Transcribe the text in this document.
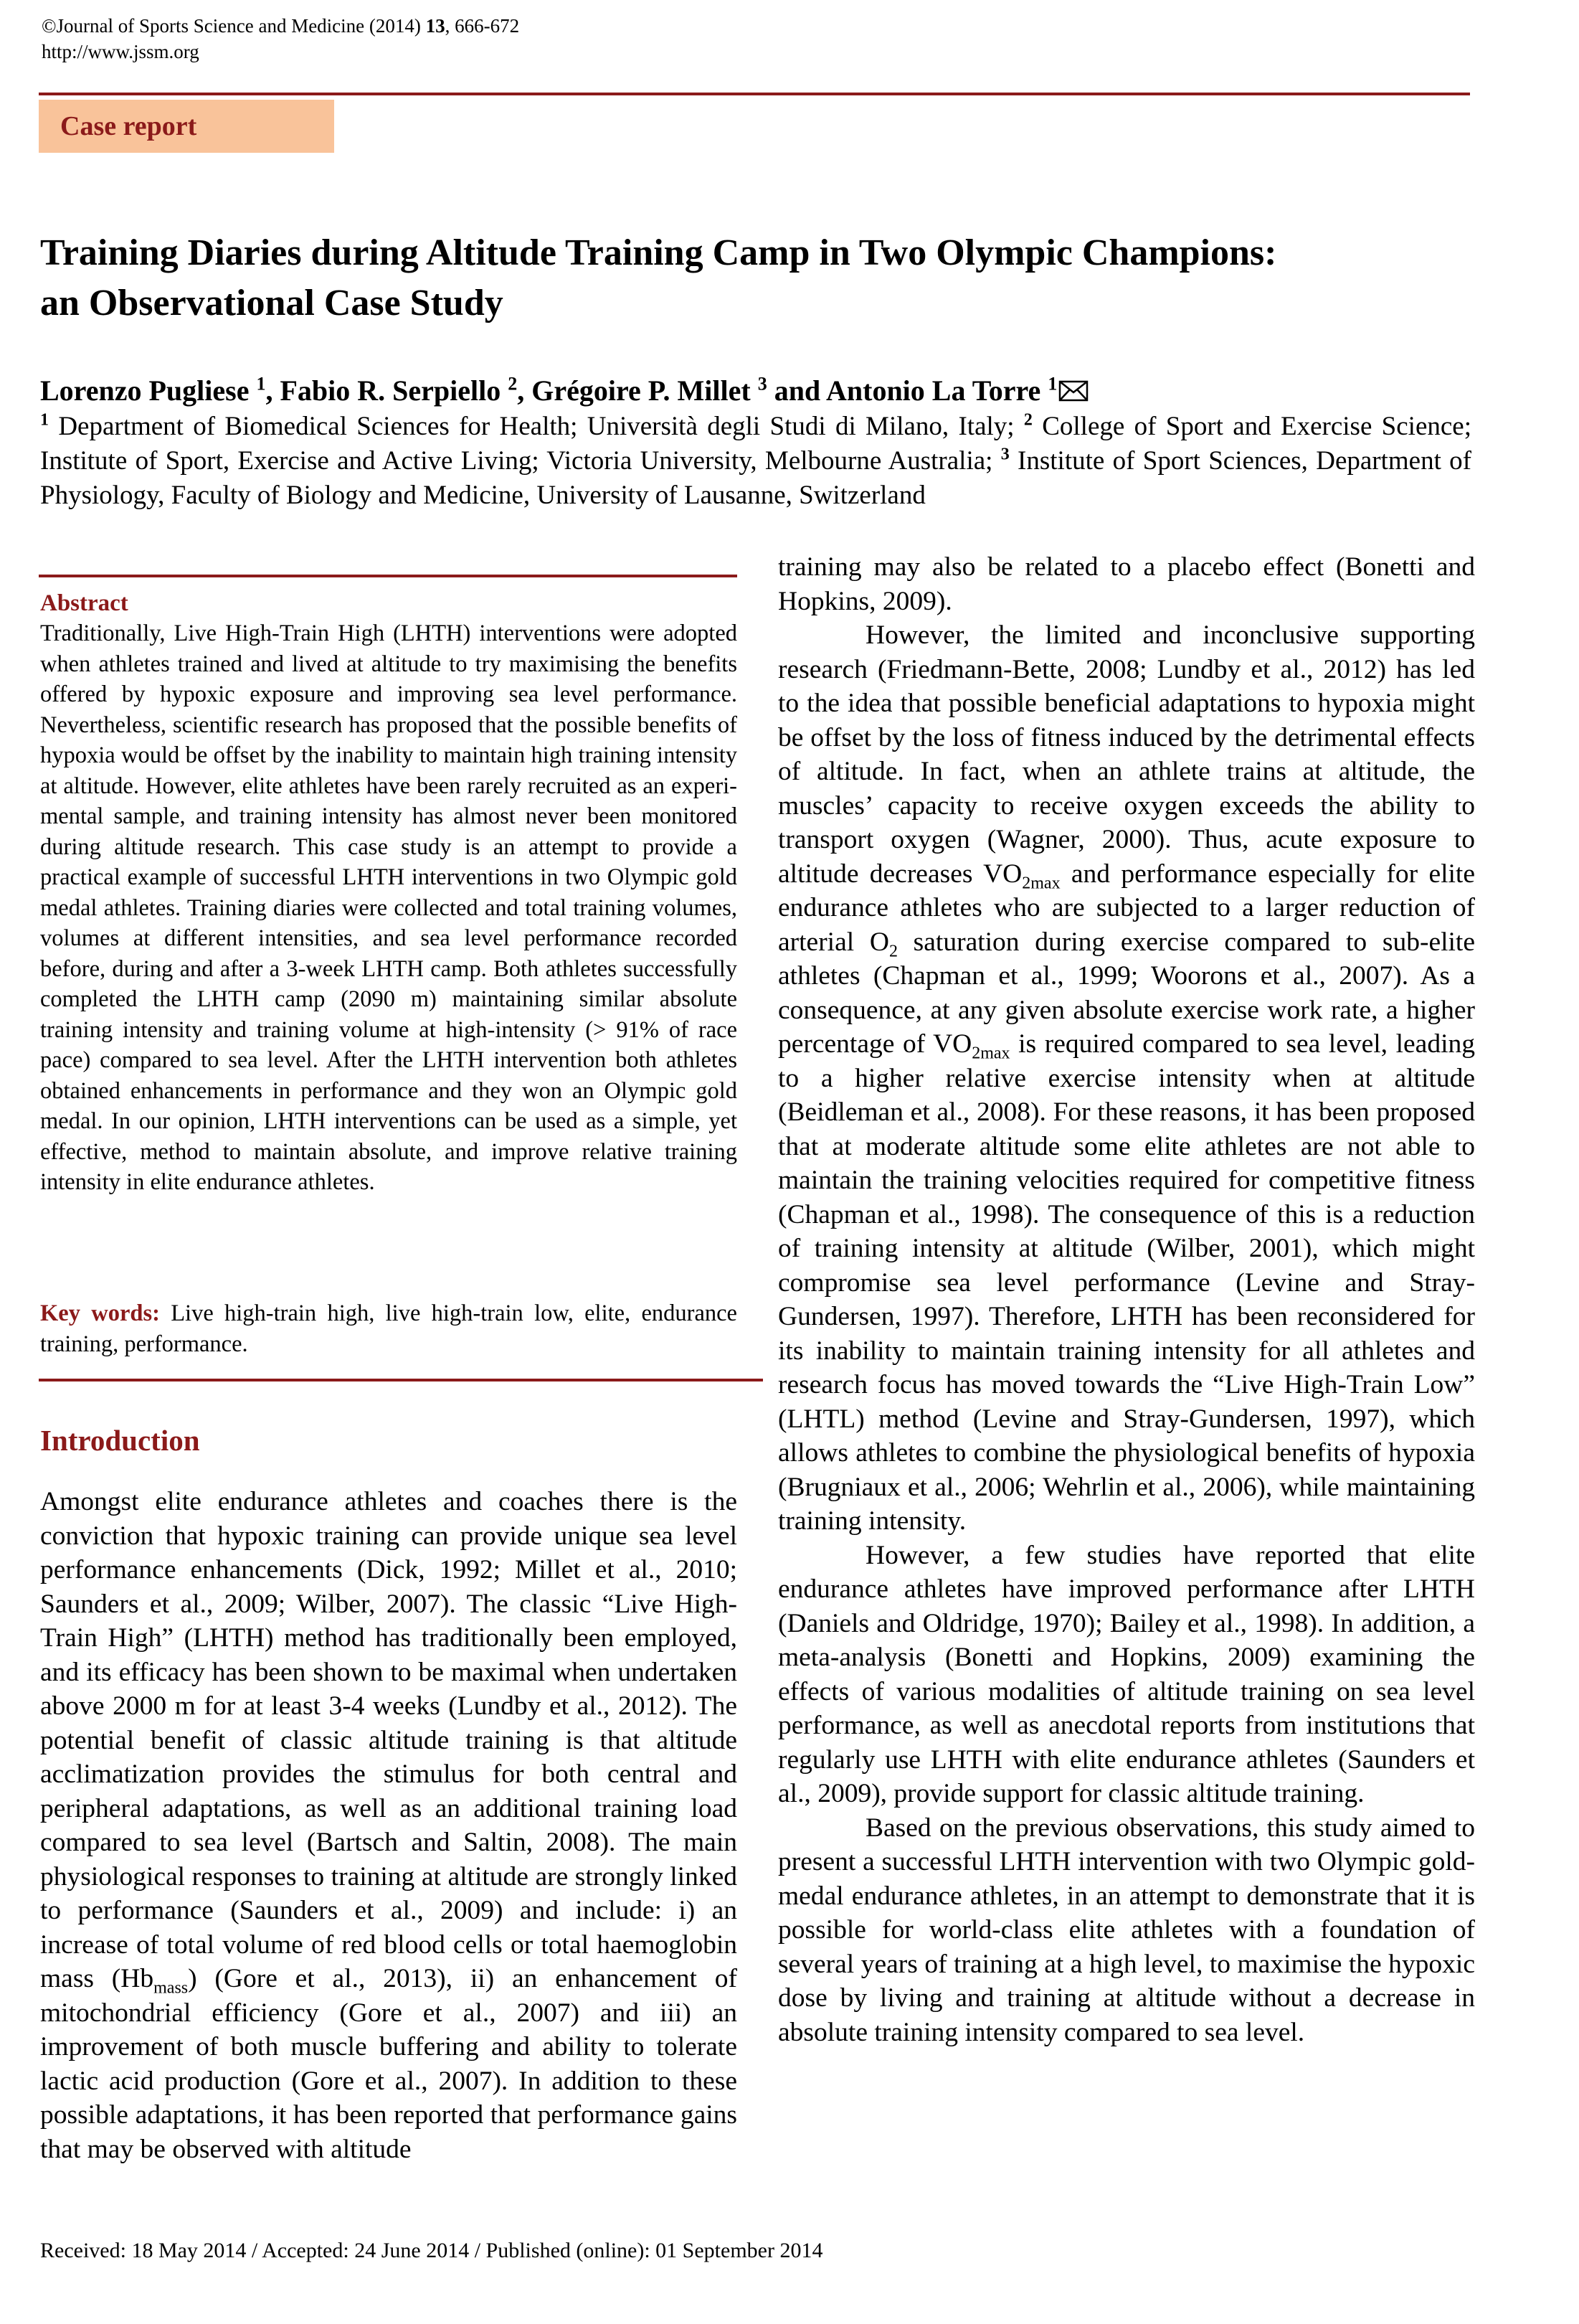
©Journal of Sports Science and Medicine (2014) 13, 666-672
http://www.jssm.org
Case report
Training Diaries during Altitude Training Camp in Two Olympic Champions:
an Observational Case Study
Lorenzo Pugliese $^1$, Fabio R. Serpiello $^2$, Grégoire P. Millet $^3$ and Antonio La Torre $^1$
$^1$ Department of Biomedical Sciences for Health; Università degli Studi di Milano, Italy; $^2$ College of Sport and Exercise Science; Institute of Sport, Exercise and Active Living; Victoria University, Melbourne Australia; $^3$ Institute of Sport Sciences, Department of Physiology, Faculty of Biology and Medicine, University of Lausanne, Switzerland
Abstract
Traditionally, Live High-Train High (LHTH) interventions were adopted when athletes trained and lived at altitude to try maximising the benefits offered by hypoxic exposure and improving sea level performance. Nevertheless, scientific research has proposed that the possible benefits of hypoxia would be offset by the inability to maintain high training intensity at altitude. However, elite athletes have been rarely recruited as an experimental sample, and training intensity has almost never been monitored during altitude research. This case study is an attempt to provide a practical example of successful LHTH interventions in two Olympic gold medal athletes. Training diaries were collected and total training volumes, volumes at different intensities, and sea level performance recorded before, during and after a 3-week LHTH camp. Both athletes successfully completed the LHTH camp (2090 m) maintaining similar absolute training intensity and training volume at high-intensity (> 91% of race pace) compared to sea level. After the LHTH intervention both athletes obtained enhancements in performance and they won an Olympic gold medal. In our opinion, LHTH interventions can be used as a simple, yet effective, method to maintain absolute, and improve relative training intensity in elite endurance athletes.
Key words: Live high-train high, live high-train low, elite, endurance training, performance.
Introduction
Amongst elite endurance athletes and coaches there is the conviction that hypoxic training can provide unique sea level performance enhancements (Dick, 1992; Millet et al., 2010; Saunders et al., 2009; Wilber, 2007). The classic “Live High-Train High” (LHTH) method has traditionally been employed, and its efficacy has been shown to be maximal when undertaken above 2000 m for at least 3-4 weeks (Lundby et al., 2012). The potential benefit of classic altitude training is that altitude acclimatization provides the stimulus for both central and peripheral adaptations, as well as an additional training load compared to sea level (Bartsch and Saltin, 2008). The main physiological responses to training at altitude are strongly linked to performance (Saunders et al., 2009) and include: i) an increase of total volume of red blood cells or total haemoglobin mass $(Hb_{mass})$ (Gore et al., 2013), ii) an enhancement of mitochondrial efficiency (Gore et al., 2007) and iii) an improvement of both muscle buffering and ability to tolerate lactic acid production (Gore et al., 2007). In addition to these possible adaptations, it has been reported that performance gains that may be observed with altitude

training may also be related to a placebo effect (Bonetti and Hopkins, 2009).

However, the limited and inconclusive supporting research (Friedmann-Bette, 2008; Lundby et al., 2012) has led to the idea that possible beneficial adaptations to hypoxia might be offset by the loss of fitness induced by the detrimental effects of altitude. In fact, when an athlete trains at altitude, the muscles’ capacity to receive oxygen exceeds the ability to transport oxygen (Wagner, 2000). Thus, acute exposure to altitude decreases $VO_{2max}$ and performance especially for elite endurance athletes who are subjected to a larger reduction of arterial $O_2$ saturation during exercise compared to sub-elite athletes (Chapman et al., 1999; Woorons et al., 2007). As a consequence, at any given absolute exercise work rate, a higher percentage of $VO_{2max}$ is required compared to sea level, leading to a higher relative exercise intensity when at altitude (Beidleman et al., 2008). For these reasons, it has been proposed that at moderate altitude some elite athletes are not able to maintain the training velocities required for competitive fitness (Chapman et al., 1998). The consequence of this is a reduction of training intensity at altitude (Wilber, 2001), which might compromise sea level performance (Levine and Stray-Gundersen, 1997). Therefore, LHTH has been reconsidered for its inability to maintain training intensity for all athletes and research focus has moved towards the “Live High-Train Low” (LHTL) method (Levine and Stray-Gundersen, 1997), which allows athletes to combine the physiological benefits of hypoxia (Brugniaux et al., 2006; Wehrlin et al., 2006), while maintaining training intensity.

However, a few studies have reported that elite endurance athletes have improved performance after LHTH (Daniels and Oldridge, 1970); Bailey et al., 1998). In addition, a meta-analysis (Bonetti and Hopkins, 2009) examining the effects of various modalities of altitude training on sea level performance, as well as anecdotal reports from institutions that regularly use LHTH with elite endurance athletes (Saunders et al., 2009), provide support for classic altitude training.

Based on the previous observations, this study aimed to present a successful LHTH intervention with two Olympic gold-medal endurance athletes, in an attempt to demonstrate that it is possible for world-class elite athletes with a foundation of several years of training at a high level, to maximise the hypoxic dose by living and training at altitude without a decrease in absolute training intensity compared to sea level.

Received: 18 May 2014 / Accepted: 24 June 2014 / Published (online): 01 September 2014
